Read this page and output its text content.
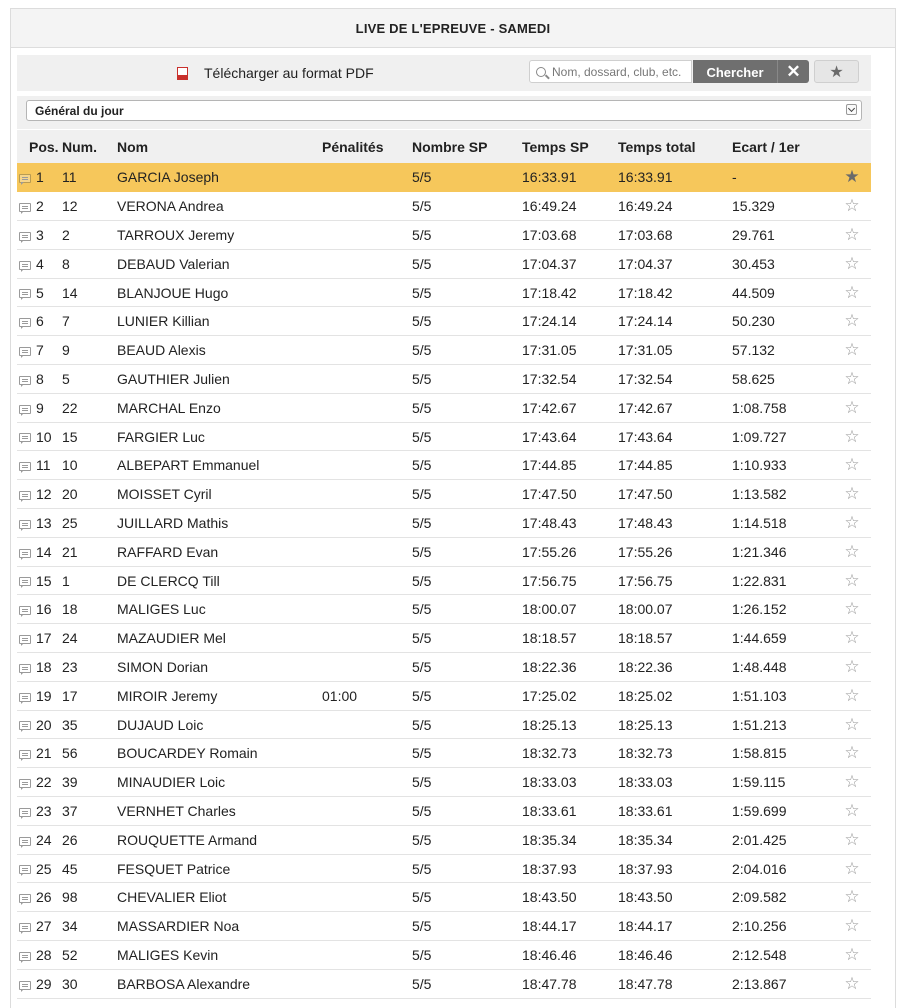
LIVE DE L'EPREUVE - SAMEDI
Télécharger au format PDF
Nom, dossard, club, etc.	Chercher	✕ ★
Général du jour
Pos.	Num.	Nom	Pénalités	Nombre SP	Temps SP	Temps total	Ecart / 1er	
1	11	GARCIA Joseph		5/5	16:33.91	16:33.91	-	★
2	12	VERONA Andrea		5/5	16:49.24	16:49.24	15.329	☆
3	2	TARROUX Jeremy		5/5	17:03.68	17:03.68	29.761	☆
4	8	DEBAUD Valerian		5/5	17:04.37	17:04.37	30.453	☆
5	14	BLANJOUE Hugo		5/5	17:18.42	17:18.42	44.509	☆
6	7	LUNIER Killian		5/5	17:24.14	17:24.14	50.230	☆
7	9	BEAUD Alexis		5/5	17:31.05	17:31.05	57.132	☆
8	5	GAUTHIER Julien		5/5	17:32.54	17:32.54	58.625	☆
9	22	MARCHAL Enzo		5/5	17:42.67	17:42.67	1:08.758	☆
10	15	FARGIER Luc		5/5	17:43.64	17:43.64	1:09.727	☆
11	10	ALBEPART Emmanuel		5/5	17:44.85	17:44.85	1:10.933	☆
12	20	MOISSET Cyril		5/5	17:47.50	17:47.50	1:13.582	☆
13	25	JUILLARD Mathis		5/5	17:48.43	17:48.43	1:14.518	☆
14	21	RAFFARD Evan		5/5	17:55.26	17:55.26	1:21.346	☆
15	1	DE CLERCQ Till		5/5	17:56.75	17:56.75	1:22.831	☆
16	18	MALIGES Luc		5/5	18:00.07	18:00.07	1:26.152	☆
17	24	MAZAUDIER Mel		5/5	18:18.57	18:18.57	1:44.659	☆
18	23	SIMON Dorian		5/5	18:22.36	18:22.36	1:48.448	☆
19	17	MIROIR Jeremy	01:00	5/5	17:25.02	18:25.02	1:51.103	☆
20	35	DUJAUD Loic		5/5	18:25.13	18:25.13	1:51.213	☆
21	56	BOUCARDEY Romain		5/5	18:32.73	18:32.73	1:58.815	☆
22	39	MINAUDIER Loic		5/5	18:33.03	18:33.03	1:59.115	☆
23	37	VERNHET Charles		5/5	18:33.61	18:33.61	1:59.699	☆
24	26	ROUQUETTE Armand		5/5	18:35.34	18:35.34	2:01.425	☆
25	45	FESQUET Patrice		5/5	18:37.93	18:37.93	2:04.016	☆
26	98	CHEVALIER Eliot		5/5	18:43.50	18:43.50	2:09.582	☆
27	34	MASSARDIER Noa		5/5	18:44.17	18:44.17	2:10.256	☆
28	52	MALIGES Kevin		5/5	18:46.46	18:46.46	2:12.548	☆
29	30	BARBOSA Alexandre		5/5	18:47.78	18:47.78	2:13.867	☆
